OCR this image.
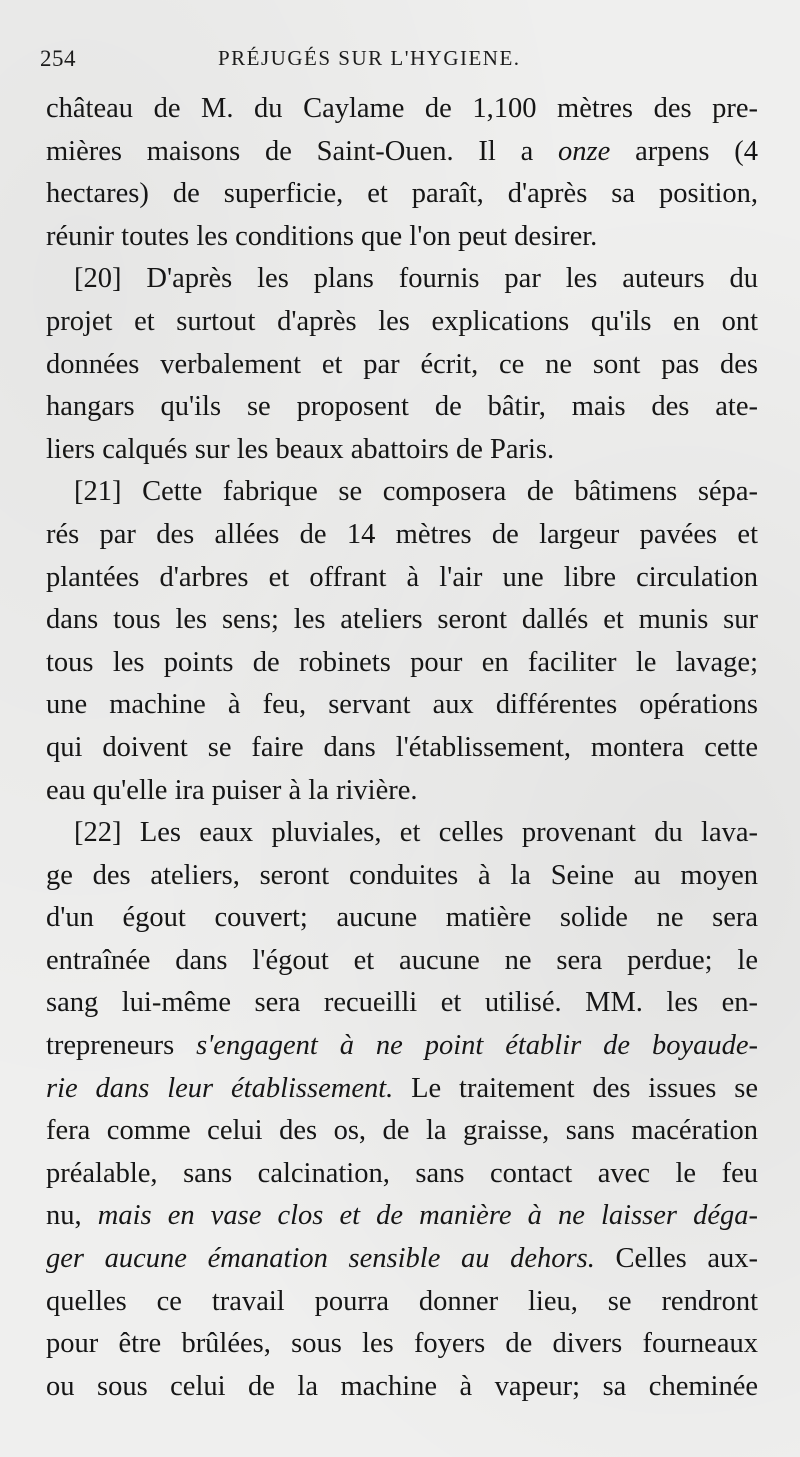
254	PRÉJUGÉS SUR L'HYGIENE.
château de M. du Caylame de 1,100 mètres des pre-
mières maisons de Saint-Ouen. Il a onze arpens (4
hectares) de superficie, et paraît, d'après sa position,
réunir toutes les conditions que l'on peut desirer.
[20] D'après les plans fournis par les auteurs du
projet et surtout d'après les explications qu'ils en ont
données verbalement et par écrit, ce ne sont pas des
hangars qu'ils se proposent de bâtir, mais des ate-
liers calqués sur les beaux abattoirs de Paris.
[21] Cette fabrique se composera de bâtimens sépa-
rés par des allées de 14 mètres de largeur pavées et
plantées d'arbres et offrant à l'air une libre circulation
dans tous les sens; les ateliers seront dallés et munis sur
tous les points de robinets pour en faciliter le lavage;
une machine à feu, servant aux différentes opérations
qui doivent se faire dans l'établissement, montera cette
eau qu'elle ira puiser à la rivière.
[22] Les eaux pluviales, et celles provenant du lava-
ge des ateliers, seront conduites à la Seine au moyen
d'un égout couvert; aucune matière solide ne sera
entraînée dans l'égout et aucune ne sera perdue; le
sang lui-même sera recueilli et utilisé. MM. les en-
trepreneurs s'engagent à ne point établir de boyaude-
rie dans leur établissement. Le traitement des issues se
fera comme celui des os, de la graisse, sans macération
préalable, sans calcination, sans contact avec le feu
nu, mais en vase clos et de manière à ne laisser déga-
ger aucune émanation sensible au dehors. Celles aux-
quelles ce travail pourra donner lieu, se rendront
pour être brûlées, sous les foyers de divers fourneaux
ou sous celui de la machine à vapeur; sa cheminée
